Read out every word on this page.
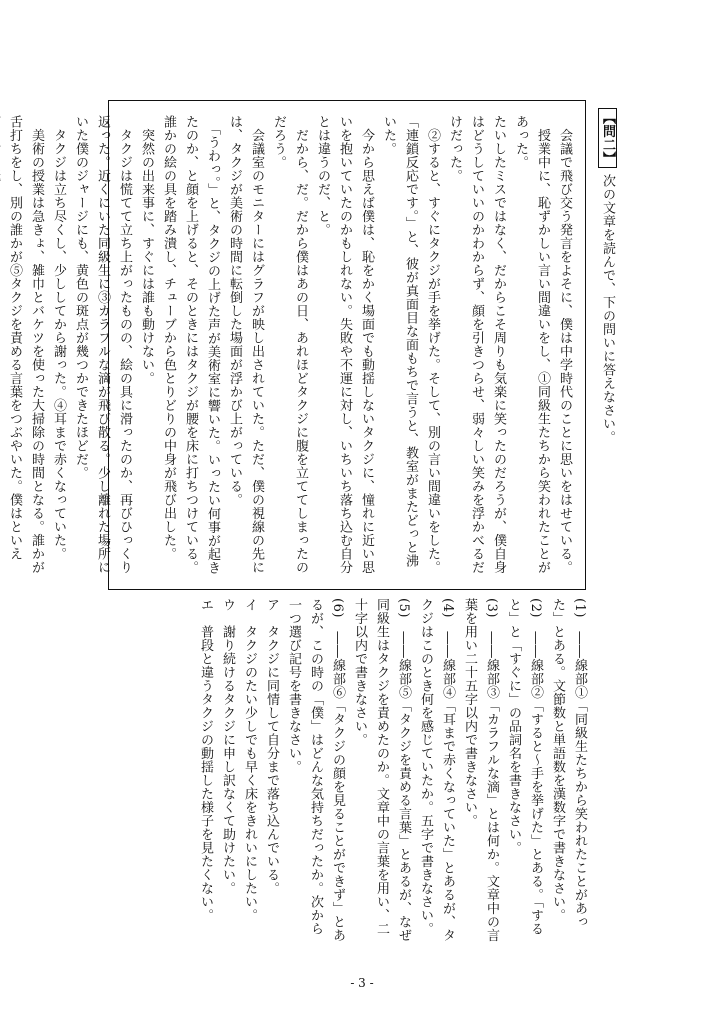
【問二】次の文章を読んで、下の問いに答えなさい。

　会議で飛び交う発言をよそに、僕は中学時代のことに思いをはせている。

　授業中に、恥ずかしい言い間違いをし、①同級生たちから笑われたことがあった。

たいしたミスではなく、だからこそ周りも気楽に笑ったのだろうが、僕自身はどうしていいのかわからず、顔を引きつらせ、弱々しい笑みを浮かべるだけだった。

　②すると、すぐにタクジが手を挙げた。そして、別の言い間違いをした。「連鎖反応です。」と、彼が真面目な面もちで言うと、教室がまたどっと沸いた。

　今から思えば僕は、恥をかく場面でも動揺しないタクジに、憧れに近い思いを抱いていたのかもしれない。失敗や不運に対し、いちいち落ち込む自分とは違うのだ、と。

　だから、だ。だから僕はあの日、あれほどタクジに腹を立ててしまったのだろう。

　会議室のモニターにはグラフが映し出されていた。ただ、僕の視線の先には、タクジが美術の時間に転倒した場面が浮かび上がっている。

　「うわっ。」と、タクジの上げた声が美術室に響いた。いったい何事が起きたのか、と顔を上げると、そのときにはタクジが腰を床に打ちつけている。誰かの絵の具を踏み潰し、チューブから色とりどりの中身が飛び出した。

　突然の出来事に、すぐには誰も動けない。

　タクジは慌てて立ち上がったものの、絵の具に滑ったのか、再びひっくり返った。近くにいた同級生に③カラフルな滴が飛び散る。少し離れた場所にいた僕のジャージにも、黄色の斑点が幾つかできたほどだ。

　タクジは立ち尽くし、少ししてから謝った。④耳まで赤くなっていた。

　美術の授業は急きょ、雑巾とバケツを使った大掃除の時間となる。誰かが舌打ちをし、別の誰かが⑤タクジを責める言葉をつぶやいた。僕はといえ

(1)　――線部①「同級生たちから笑われたことがあった」とある。文節数と単語数を漢数字で書きなさい。

(2)　――線部②「すると～手を挙げた」とある。「すると」と「すぐに」の品詞名を書きなさい。

(3)　――線部③「カラフルな滴」とは何か。文章中の言葉を用い二十五字以内で書きなさい。

(4)　――線部④「耳まで赤くなっていた」とあるが、タクジはこのとき何を感じていたか。五字で書きなさい。

(5)　――線部⑤「タクジを責める言葉」とあるが、なぜ同級生はタクジを責めたのか。文章中の言葉を用い、二十字以内で書きなさい。

(6)　――線部⑥「タクジの顔を見ることができず」とあるが、この時の「僕」はどんな気持ちだったか。次から一つ選び記号を書きなさい。

ア　タクジに同情して自分まで落ち込んでいる。

イ　タクジのたい少しでも早く床をきれいにしたい。

ウ　謝り続けるタクジに申し訳なくて助けたい。

エ　普段と違うタクジの動揺した様子を見たくない。

- 3 -
